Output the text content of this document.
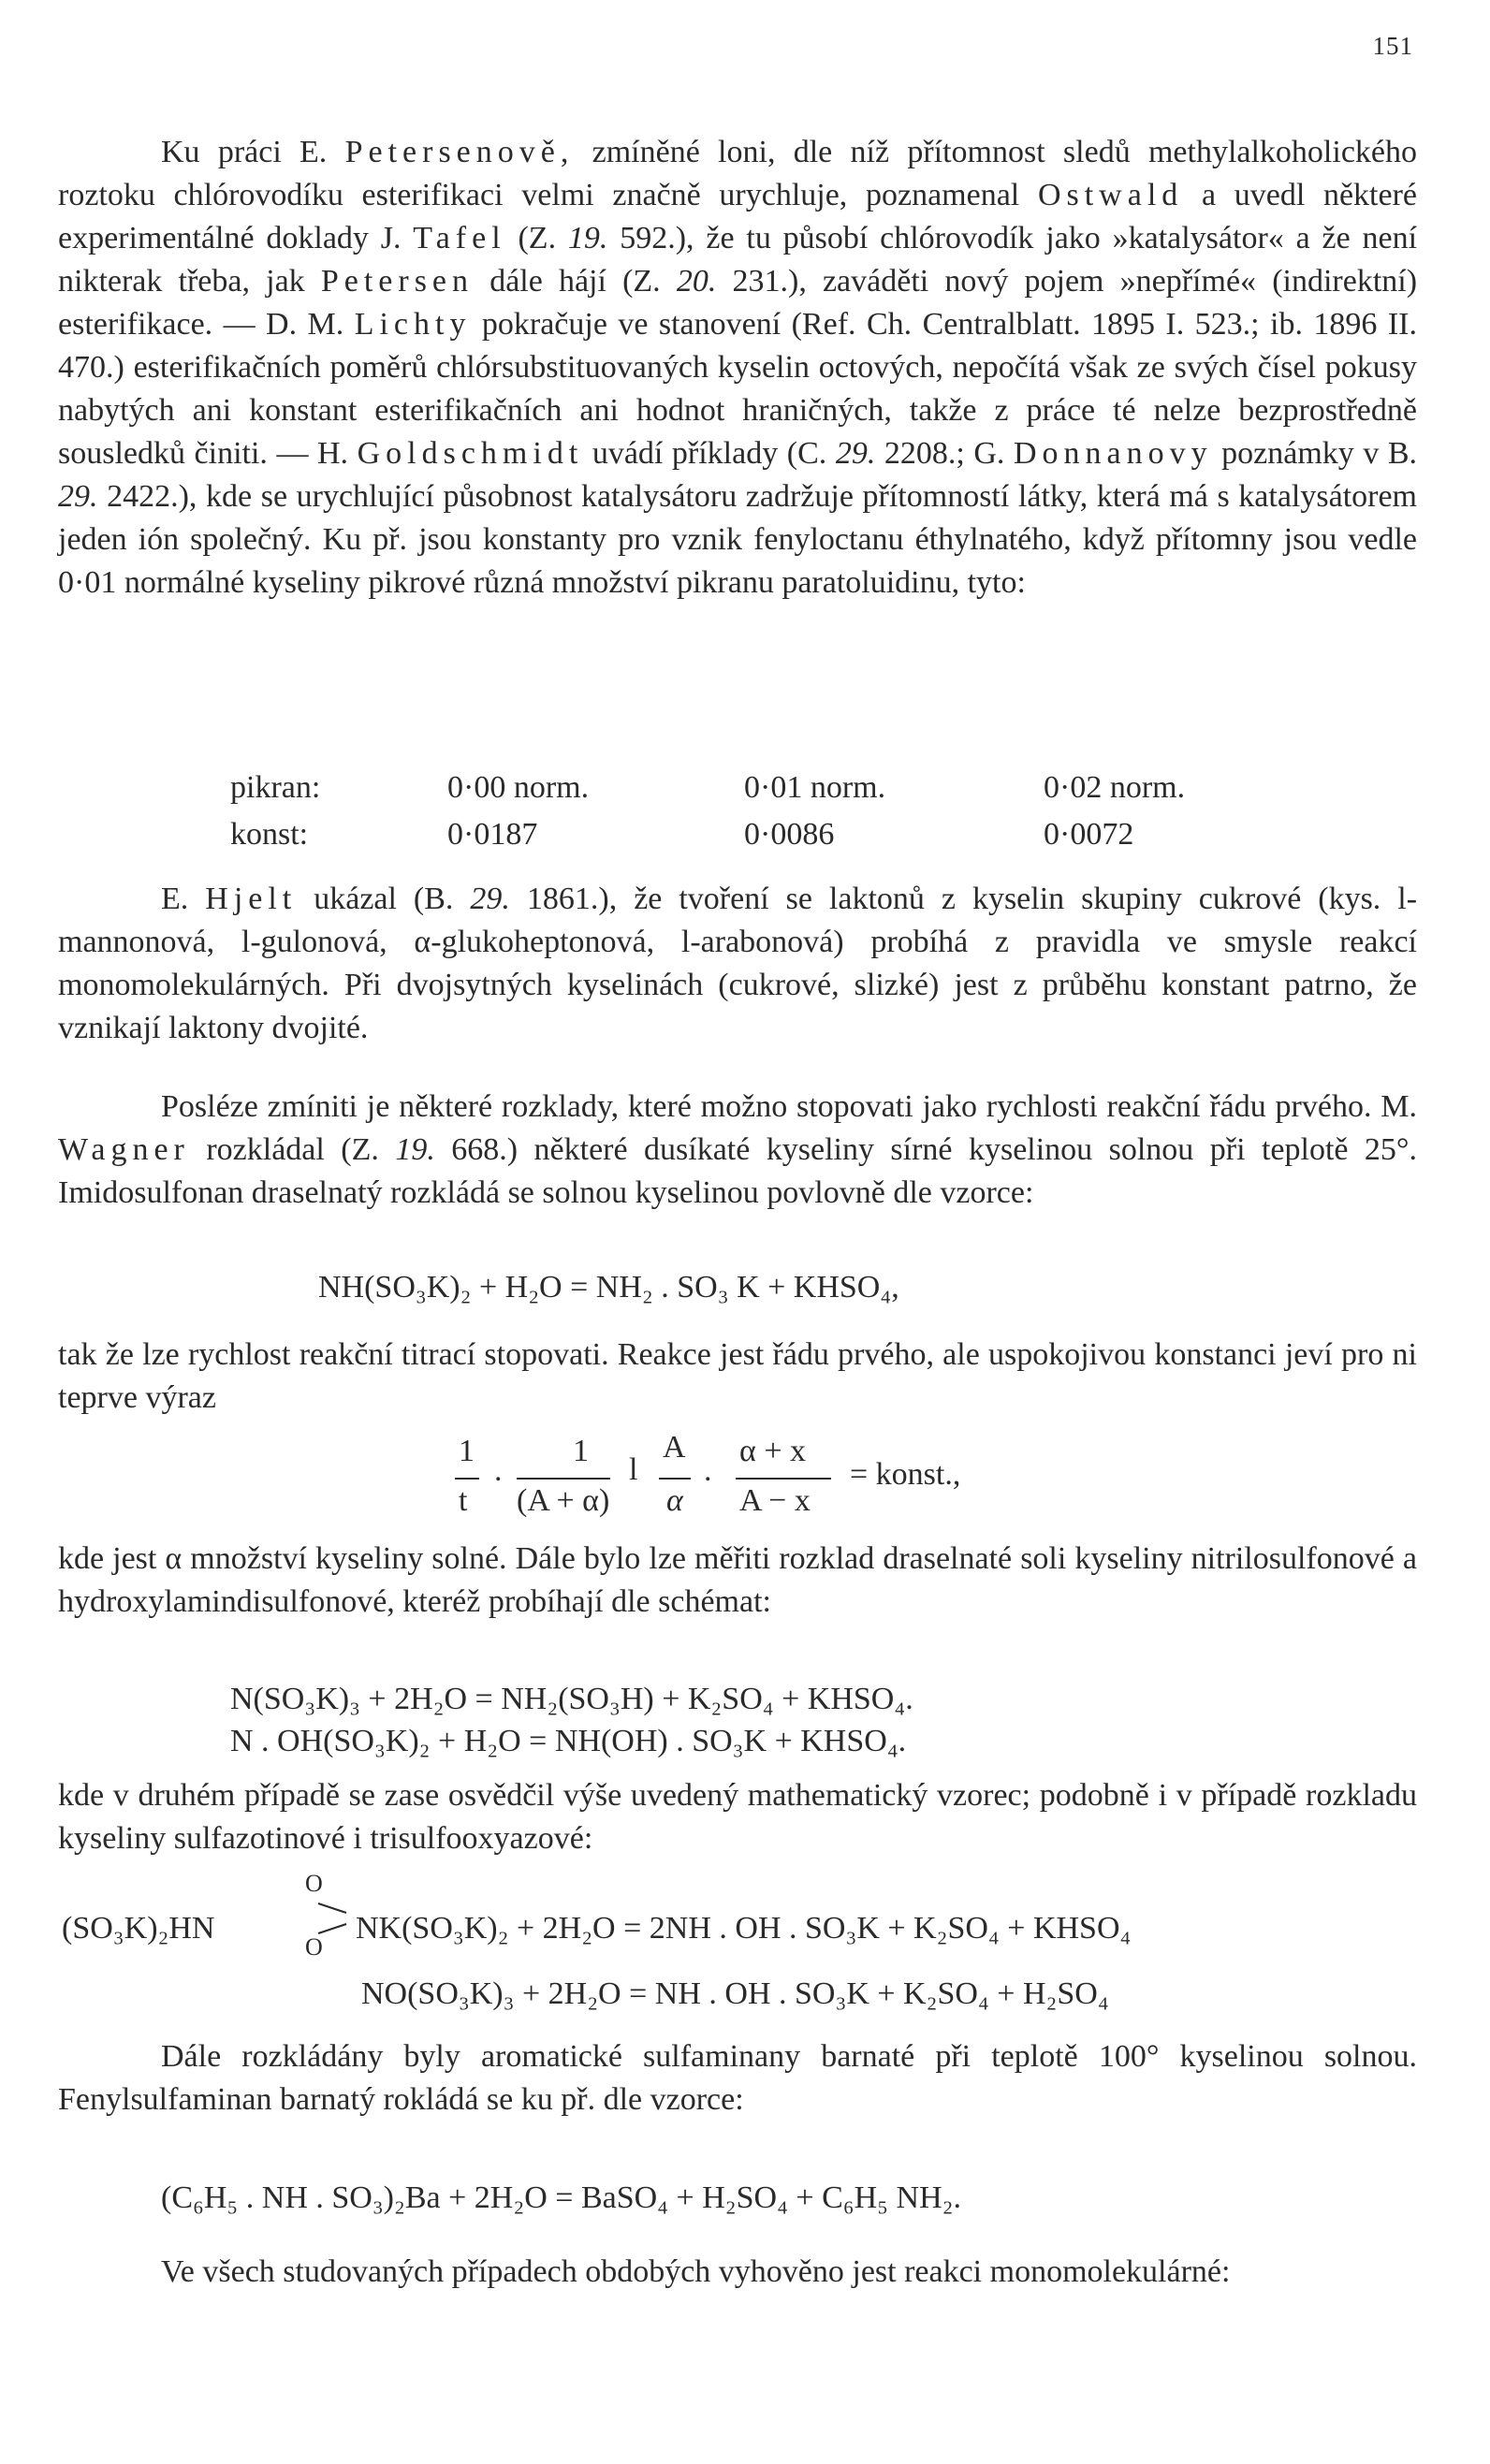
151

Ku práci E. Petersenově, zmíněné loni, dle níž přítomnost sledů methylalkoholického roztoku chlórovodíku esterifikaci velmi značně urychluje, poznamenal Ostwald a uvedl některé experimentálné doklady J. Tafel (Z. 19. 592.), že tu působí chlórovodík jako »katalysátor« a že není nikterak třeba, jak Petersen dále hájí (Z. 20. 231.), zaváděti nový pojem »nepřímé« (indirektní) esterifikace. — D. M. Lichty pokračuje ve stanovení (Ref. Ch. Centralblatt. 1895 I. 523.; ib. 1896 II. 470.) esterifikačních poměrů chlórsubstituovaných kyselin octových, nepočítá však ze svých čísel pokusy nabytých ani konstant esterifikačních ani hodnot hraničných, takže z práce té nelze bezprostředně sousledků činiti. — H. Goldschmidt uvádí příklady (C. 29. 2208.; G. Donnanovy poznámky v B. 29. 2422.), kde se urychlující působnost katalysátoru zadržuje přítomností látky, která má s katalysátorem jeden ión společný. Ku př. jsou konstanty pro vznik fenyloctanu éthylnatého, když přítomny jsou vedle 0·01 normálné kyseliny pikrové různá množství pikranu paratoluidinu, tyto:

pikran:	0·00 norm.	0·01 norm.	0·02 norm.
konst:	0·0187	0·0086	0·0072

E. Hjelt ukázal (B. 29. 1861.), že tvoření se laktonů z kyselin skupiny cukrové (kys. l-mannonová, l-gulonová, α-glukoheptonová, l-arabonová) probíhá z pravidla ve smysle reakcí monomolekulárných. Při dvojsytných kyselinách (cukrové, slizké) jest z průběhu konstant patrno, že vznikají laktony dvojité.

Posléze zmíniti je některé rozklady, které možno stopovati jako rychlosti reakční řádu prvého. M. Wagner rozkládal (Z. 19. 668.) některé dusíkaté kyseliny sírné kyselinou solnou při teplotě 25°. Imidosulfonan draselnatý rozkládá se solnou kyselinou povlovně dle vzorce:

NH(SO₃K)₂ + H₂O = NH₂ . SO₃ K + KHSO₄,

tak že lze rychlost reakční titrací stopovati. Reakce jest řádu prvého, ale uspokojivou konstanci jeví pro ni teprve výraz

1
t
.
1
(A + α)
l
A
α
.
α + x
A − x
= konst.,

kde jest α množství kyseliny solné. Dále bylo lze měřiti rozklad draselnaté soli kyseliny nitrilosulfonové a hydroxylamindisulfonové, kteréž probíhají dle schémat:

N(SO₃K)₃ + 2H₂O = NH₂(SO₃H) + K₂SO₄ + KHSO₄.
N . OH(SO₃K)₂ + H₂O = NH(OH) . SO₃K + KHSO₄.

kde v druhém případě se zase osvědčil výše uvedený mathematický vzorec; podobně i v případě rozkladu kyseliny sulfazotinové i trisulfooxyazové:

(SO₃K)₂HN
O
O
NK(SO₃K)₂ + 2H₂O = 2NH . OH . SO₃K + K₂SO₄ + KHSO₄
NO(SO₃K)₃ + 2H₂O = NH . OH . SO₃K + K₂SO₄ + H₂SO₄

Dále rozkládány byly aromatické sulfaminany barnaté při teplotě 100° kyselinou solnou. Fenylsulfaminan barnatý rokládá se ku př. dle vzorce:

(C₆H₅ . NH . SO₃)₂Ba + 2H₂O = BaSO₄ + H₂SO₄ + C₆H₅ NH₂.

Ve všech studovaných případech obdobých vyhověno jest reakci monomolekulárné:
